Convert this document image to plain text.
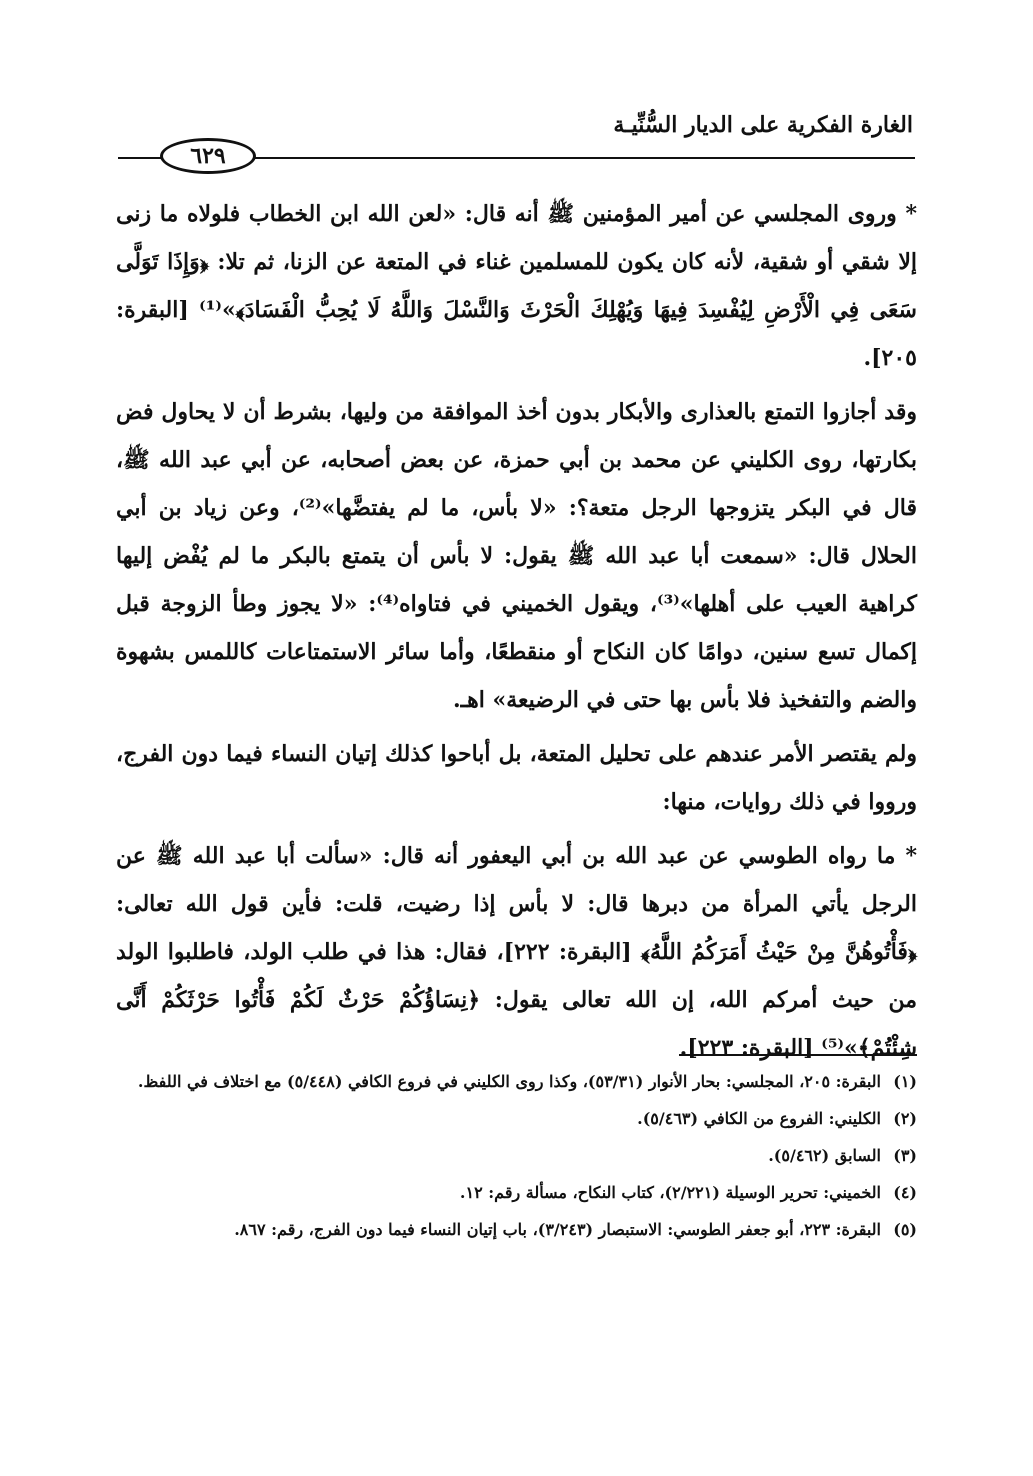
الغارة الفكرية على الديار السُّنِّيـة
٦٢٩

* وروى المجلسي عن أمير المؤمنين ﷺ أنه قال: «لعن الله ابن الخطاب فلولاه ما زنى إلا شقي أو شقية، لأنه كان يكون للمسلمين غناء في المتعة عن الزنا، ثم تلا: ﴿وَإِذَا تَوَلَّى سَعَى فِي الْأَرْضِ لِيُفْسِدَ فِيهَا وَيُهْلِكَ الْحَرْثَ وَالنَّسْلَ وَاللَّهُ لَا يُحِبُّ الْفَسَادَ﴾»⁽¹⁾ [البقرة: ٢٠٥].

وقد أجازوا التمتع بالعذارى والأبكار بدون أخذ الموافقة من وليها، بشرط أن لا يحاول فض بكارتها، روى الكليني عن محمد بن أبي حمزة، عن بعض أصحابه، عن أبي عبد الله ﷺ، قال في البكر يتزوجها الرجل متعة؟: «لا بأس، ما لم يفتضَّها»⁽²⁾، وعن زياد بن أبي الحلال قال: «سمعت أبا عبد الله ﷺ يقول: لا بأس أن يتمتع بالبكر ما لم يُفْض إليها كراهية العيب على أهلها»⁽³⁾، ويقول الخميني في فتاواه⁽⁴⁾: «لا يجوز وطأ الزوجة قبل إكمال تسع سنين، دوامًا كان النكاح أو منقطعًا، وأما سائر الاستمتاعات كاللمس بشهوة والضم والتفخيذ فلا بأس بها حتى في الرضيعة» اهـ.

ولم يقتصر الأمر عندهم على تحليل المتعة، بل أباحوا كذلك إتيان النساء فيما دون الفرج، ورووا في ذلك روايات، منها:

* ما رواه الطوسي عن عبد الله بن أبي اليعفور أنه قال: «سألت أبا عبد الله ﷺ عن الرجل يأتي المرأة من دبرها قال: لا بأس إذا رضيت، قلت: فأين قول الله تعالى: ﴿فَأْتُوهُنَّ مِنْ حَيْثُ أَمَرَكُمُ اللَّهُ﴾ [البقرة: ٢٢٢]، فقال: هذا في طلب الولد، فاطلبوا الولد من حيث أمركم الله، إن الله تعالى يقول: ﴿نِسَاؤُكُمْ حَرْثٌ لَكُمْ فَأْتُوا حَرْثَكُمْ أَنَّى شِئْتُمْ﴾»⁽⁵⁾ [البقرة: ٢٢٣].

(١)
البقرة: ٢٠٥، المجلسي: بحار الأنوار (٥٣/٣١)، وكذا روى الكليني في فروع الكافي (٥/٤٤٨) مع اختلاف في اللفظ.
(٢)
الكليني: الفروع من الكافي (٥/٤٦٣).
(٣)
السابق (٥/٤٦٢).
(٤)
الخميني: تحرير الوسيلة (٢/٢٢١)، كتاب النكاح، مسألة رقم: ١٢.
(٥)
البقرة: ٢٢٣، أبو جعفر الطوسي: الاستبصار (٣/٢٤٣)، باب إتيان النساء فيما دون الفرج، رقم: ٨٦٧.
